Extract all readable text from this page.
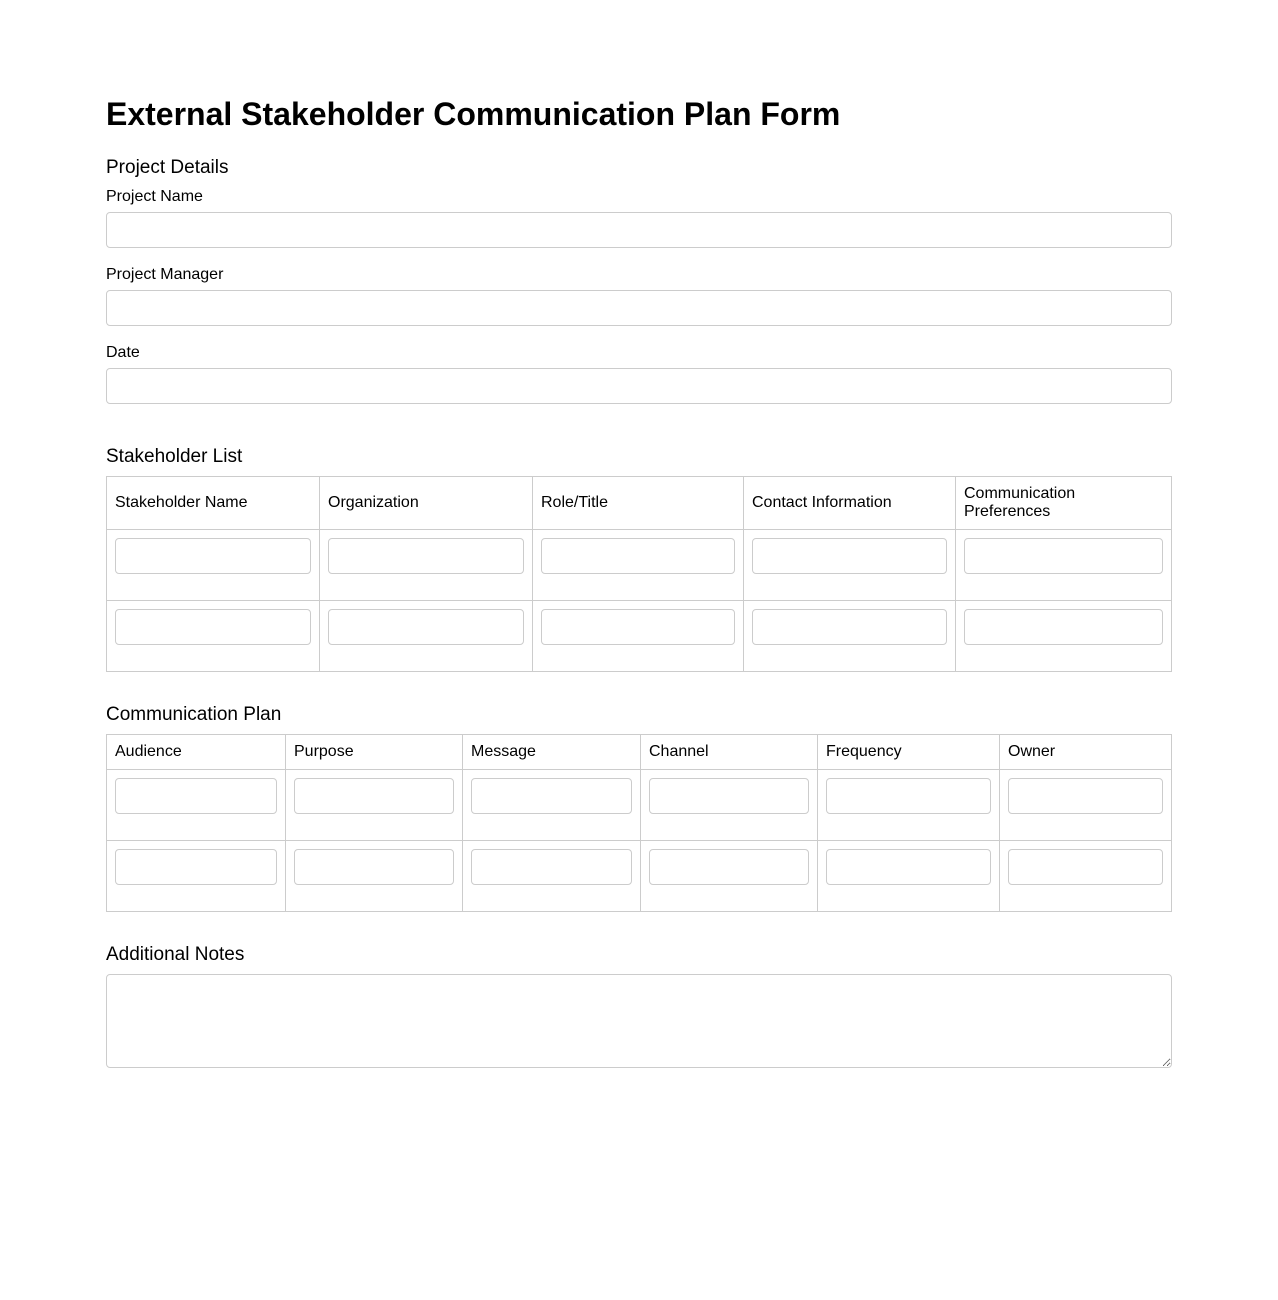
External Stakeholder Communication Plan Form
Project Details
Project Name
Project Manager
Date
Stakeholder List
Stakeholder Name	Organization	Role/Title	Contact Information	Communication Preferences

Communication Plan
Audience	Purpose	Message	Channel	Frequency	Owner

Additional Notes
